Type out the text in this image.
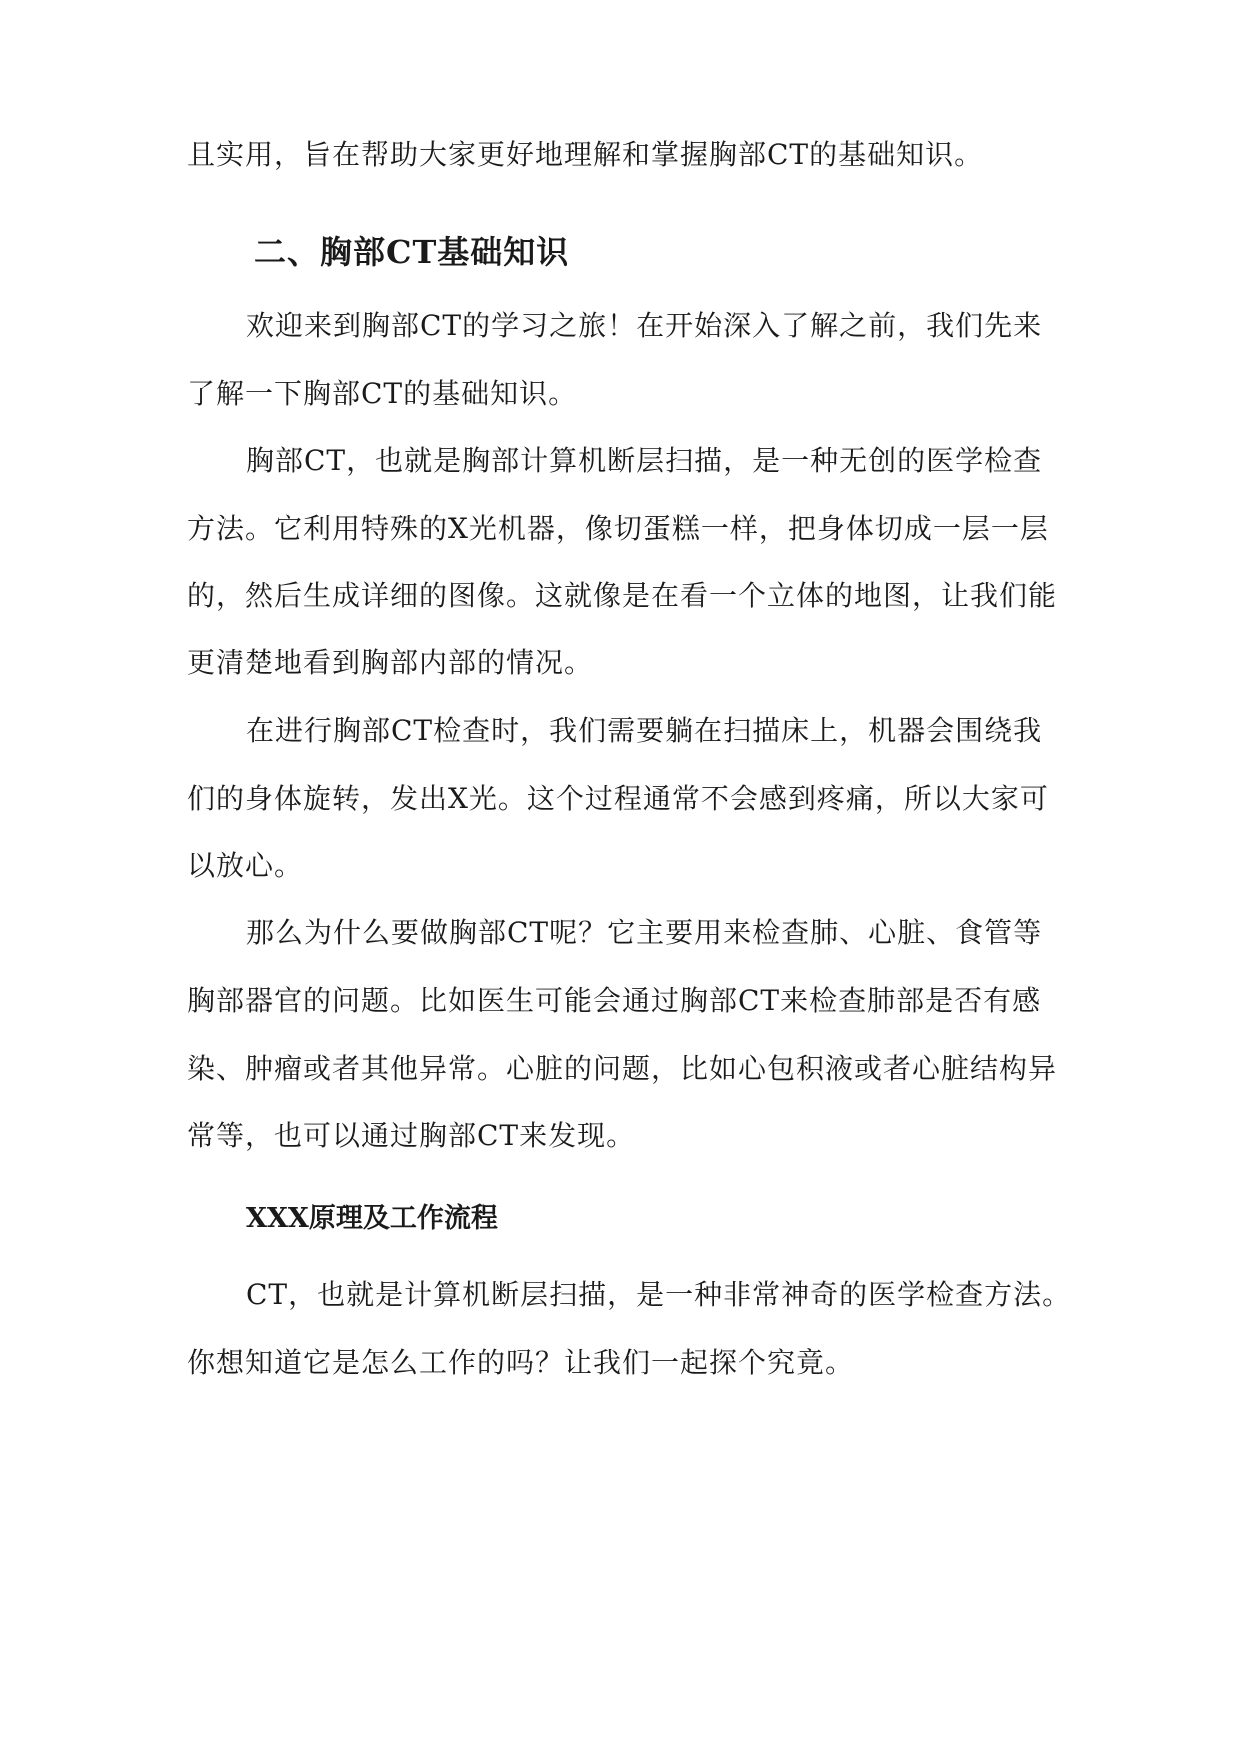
且实用，旨在帮助大家更好地理解和掌握胸部CT的基础知识。
二、胸部CT基础知识
欢迎来到胸部CT的学习之旅！在开始深入了解之前，我们先来
了解一下胸部CT的基础知识。
胸部CT，也就是胸部计算机断层扫描，是一种无创的医学检查
方法。它利用特殊的X光机器，像切蛋糕一样，把身体切成一层一层
的，然后生成详细的图像。这就像是在看一个立体的地图，让我们能
更清楚地看到胸部内部的情况。
在进行胸部CT检查时，我们需要躺在扫描床上，机器会围绕我
们的身体旋转，发出X光。这个过程通常不会感到疼痛，所以大家可
以放心。
那么为什么要做胸部CT呢？它主要用来检查肺、心脏、食管等
胸部器官的问题。比如医生可能会通过胸部CT来检查肺部是否有感
染、肿瘤或者其他异常。心脏的问题，比如心包积液或者心脏结构异
常等，也可以通过胸部CT来发现。
XXX原理及工作流程
CT，也就是计算机断层扫描，是一种非常神奇的医学检查方法。
你想知道它是怎么工作的吗？让我们一起探个究竟。
